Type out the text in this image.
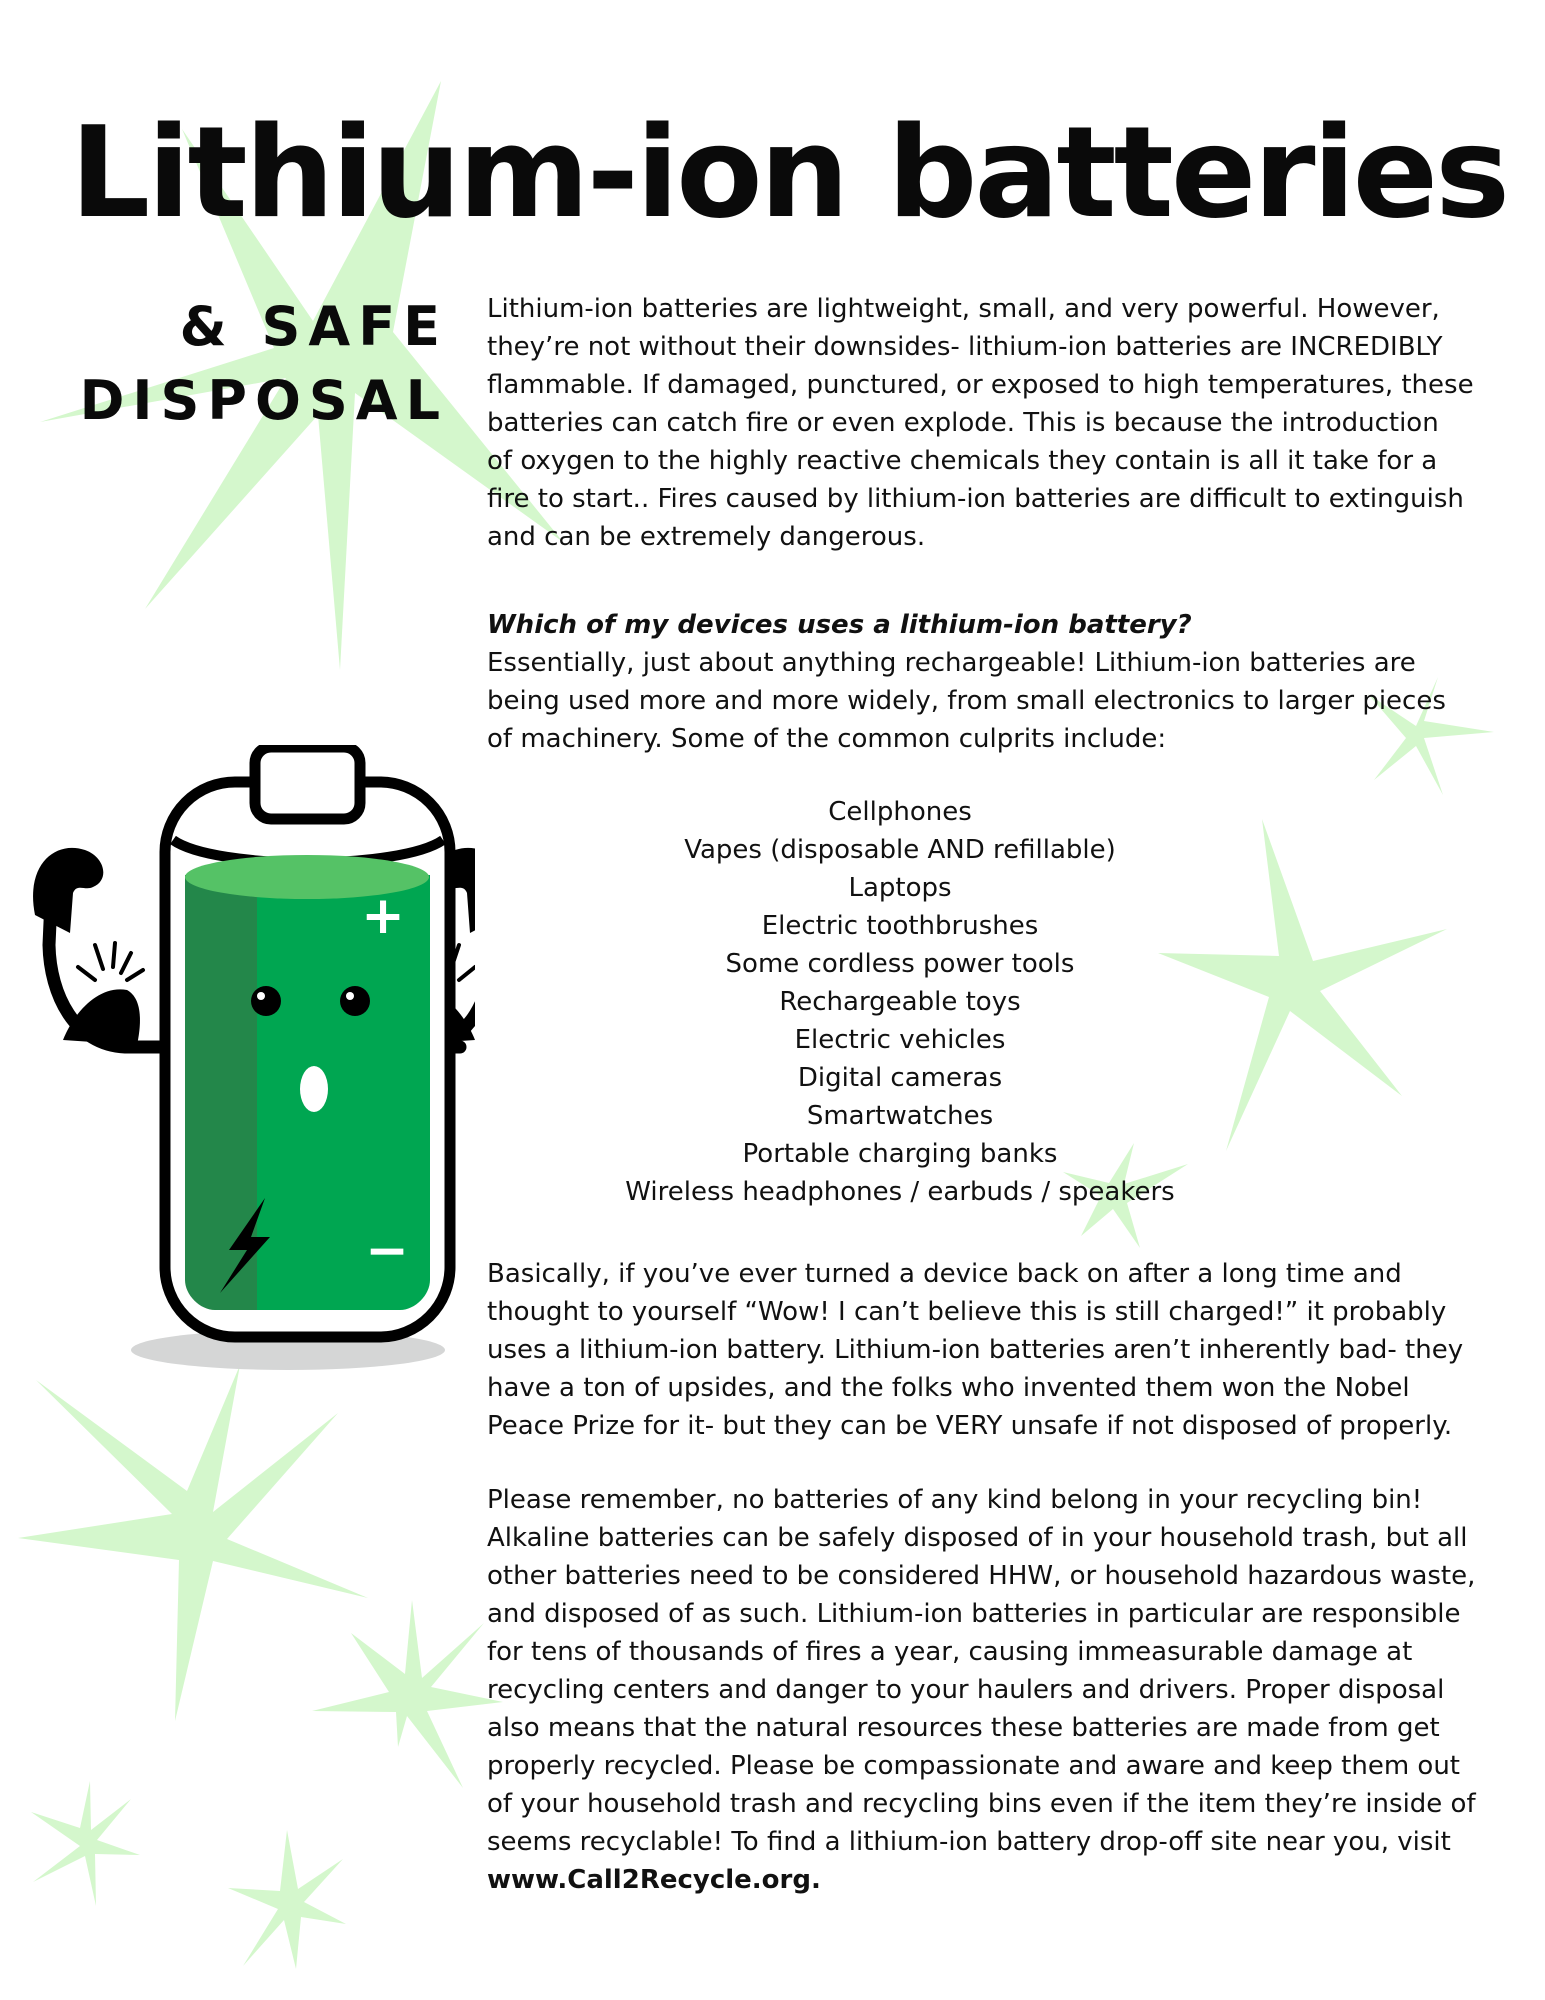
Lithium-ion batteries
& SAFE
DISPOSAL
Lithium-ion batteries are lightweight, small, and very powerful. However,
they’re not without their downsides- lithium-ion batteries are INCREDIBLY
flammable. If damaged, punctured, or exposed to high temperatures, these
batteries can catch fire or even explode. This is because the introduction
of oxygen to the highly reactive chemicals they contain is all it take for a
fire to start.. Fires caused by lithium-ion batteries are difficult to extinguish
and can be extremely dangerous.
Which of my devices uses a lithium-ion battery?
Essentially, just about anything rechargeable! Lithium-ion batteries are
being used more and more widely, from small electronics to larger pieces
of machinery. Some of the common culprits include:
Cellphones
Vapes (disposable AND refillable)
Laptops
Electric toothbrushes
Some cordless power tools
Rechargeable toys
Electric vehicles
Digital cameras
Smartwatches
Portable charging banks
Wireless headphones / earbuds / speakers
Basically, if you’ve ever turned a device back on after a long time and
thought to yourself “Wow! I can’t believe this is still charged!” it probably
uses a lithium-ion battery. Lithium-ion batteries aren’t inherently bad- they
have a ton of upsides, and the folks who invented them won the Nobel
Peace Prize for it- but they can be VERY unsafe if not disposed of properly.
Please remember, no batteries of any kind belong in your recycling bin!
Alkaline batteries can be safely disposed of in your household trash, but all
other batteries need to be considered HHW, or household hazardous waste,
and disposed of as such. Lithium-ion batteries in particular are responsible
for tens of thousands of fires a year, causing immeasurable damage at
recycling centers and danger to your haulers and drivers. Proper disposal
also means that the natural resources these batteries are made from get
properly recycled. Please be compassionate and aware and keep them out
of your household trash and recycling bins even if the item they’re inside of
seems recyclable! To find a lithium-ion battery drop-off site near you, visit
www.Call2Recycle.org.
+
−
